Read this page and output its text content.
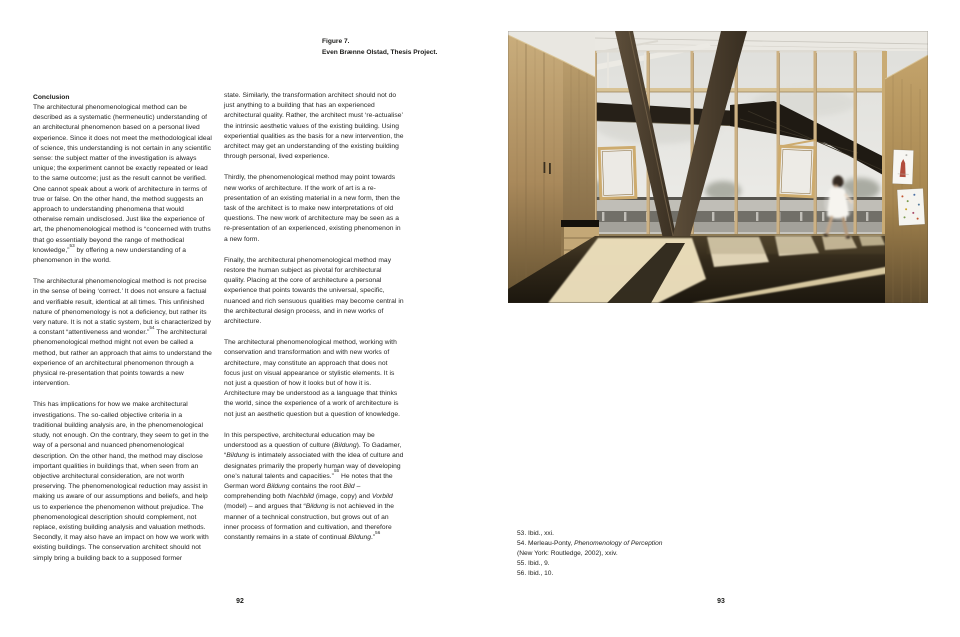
Conclusion

The architectural phenomenological method can be described as a systematic (hermeneutic) understanding of an architectural phenomenon based on a personal lived experience. Since it does not meet the methodological ideal of science, this understanding is not certain in any scientific sense: the subject matter of the investigation is always unique; the experiment cannot be exactly repeated or lead to the same outcome; just as the result cannot be verified. One cannot speak about a work of architecture in terms of true or false. On the other hand, the method suggests an approach to understanding phenomena that would otherwise remain undisclosed. Just like the experience of art, the phenomenological method is “concerned with truths that go essentially beyond the range of methodical knowledge,”$^{53}$ by offering a new understanding of a phenomenon in the world.

The architectural phenomenological method is not precise in the sense of being ‘correct.’ It does not ensure a factual and verifiable result, identical at all times. This unfinished nature of phenomenology is not a deficiency, but rather its very nature. It is not a static system, but is characterized by a constant “attentiveness and wonder.”$^{54}$ The architectural phenomenological method might not even be called a method, but rather an approach that aims to understand the experience of an architectural phenomenon through a physical re-presentation that points towards a new intervention.

This has implications for how we make architectural investigations. The so-called objective criteria in a traditional building analysis are, in the phenomenological study, not enough. On the contrary, they seem to get in the way of a personal and nuanced phenomenological description. On the other hand, the method may disclose important qualities in buildings that, when seen from an objective architectural consideration, are not worth preserving. The phenomenological reduction may assist in making us aware of our assumptions and beliefs, and help us to experience the phenomenon without prejudice. The phenomenological description should complement, not replace, existing building analysis and valuation methods. Secondly, it may also have an impact on how we work with existing buildings. The conservation architect should not simply bring a building back to a supposed former

Figure 7.
Even Brænne Olstad, Thesis Project.

state. Similarly, the transformation architect should not do just anything to a building that has an experienced architectural quality. Rather, the architect must ‘re-actualise’ the intrinsic aesthetic values of the existing building. Using experiential qualities as the basis for a new intervention, the architect may get an understanding of the existing building through personal, lived experience.

Thirdly, the phenomenological method may point towards new works of architecture. If the work of art is a re-presentation of an existing material in a new form, then the task of the architect is to make new interpretations of old questions. The new work of architecture may be seen as a re-presentation of an experienced, existing phenomenon in a new form.

Finally, the architectural phenomenological method may restore the human subject as pivotal for architectural quality. Placing at the core of architecture a personal experience that points towards the universal, specific, nuanced and rich sensuous qualities may become central in the architectural design process, and in new works of architecture.

The architectural phenomenological method, working with conservation and transformation and with new works of architecture, may constitute an approach that does not focus just on visual appearance or stylistic elements. It is not just a question of how it looks but of how it is. Architecture may be understood as a language that thinks the world, since the experience of a work of architecture is not just an aesthetic question but a question of knowledge.

In this perspective, architectural education may be understood as a question of culture (Bildung). To Gadamer, “Bildung is intimately associated with the idea of culture and designates primarily the properly human way of developing one’s natural talents and capacities.”$^{55}$ He notes that the German word Bildung contains the root Bild – comprehending both Nachbild (image, copy) and Vorbild (model) – and argues that “Bildung is not achieved in the manner of a technical construction, but grows out of an inner process of formation and cultivation, and therefore constantly remains in a state of continual Bildung.”$^{56}$

92
53. Ibid., xxi.
54. Merleau-Ponty, Phenomenology of Perception (New York: Routledge, 2002), xxiv.
55. Ibid., 9.
56. Ibid., 10.
93
